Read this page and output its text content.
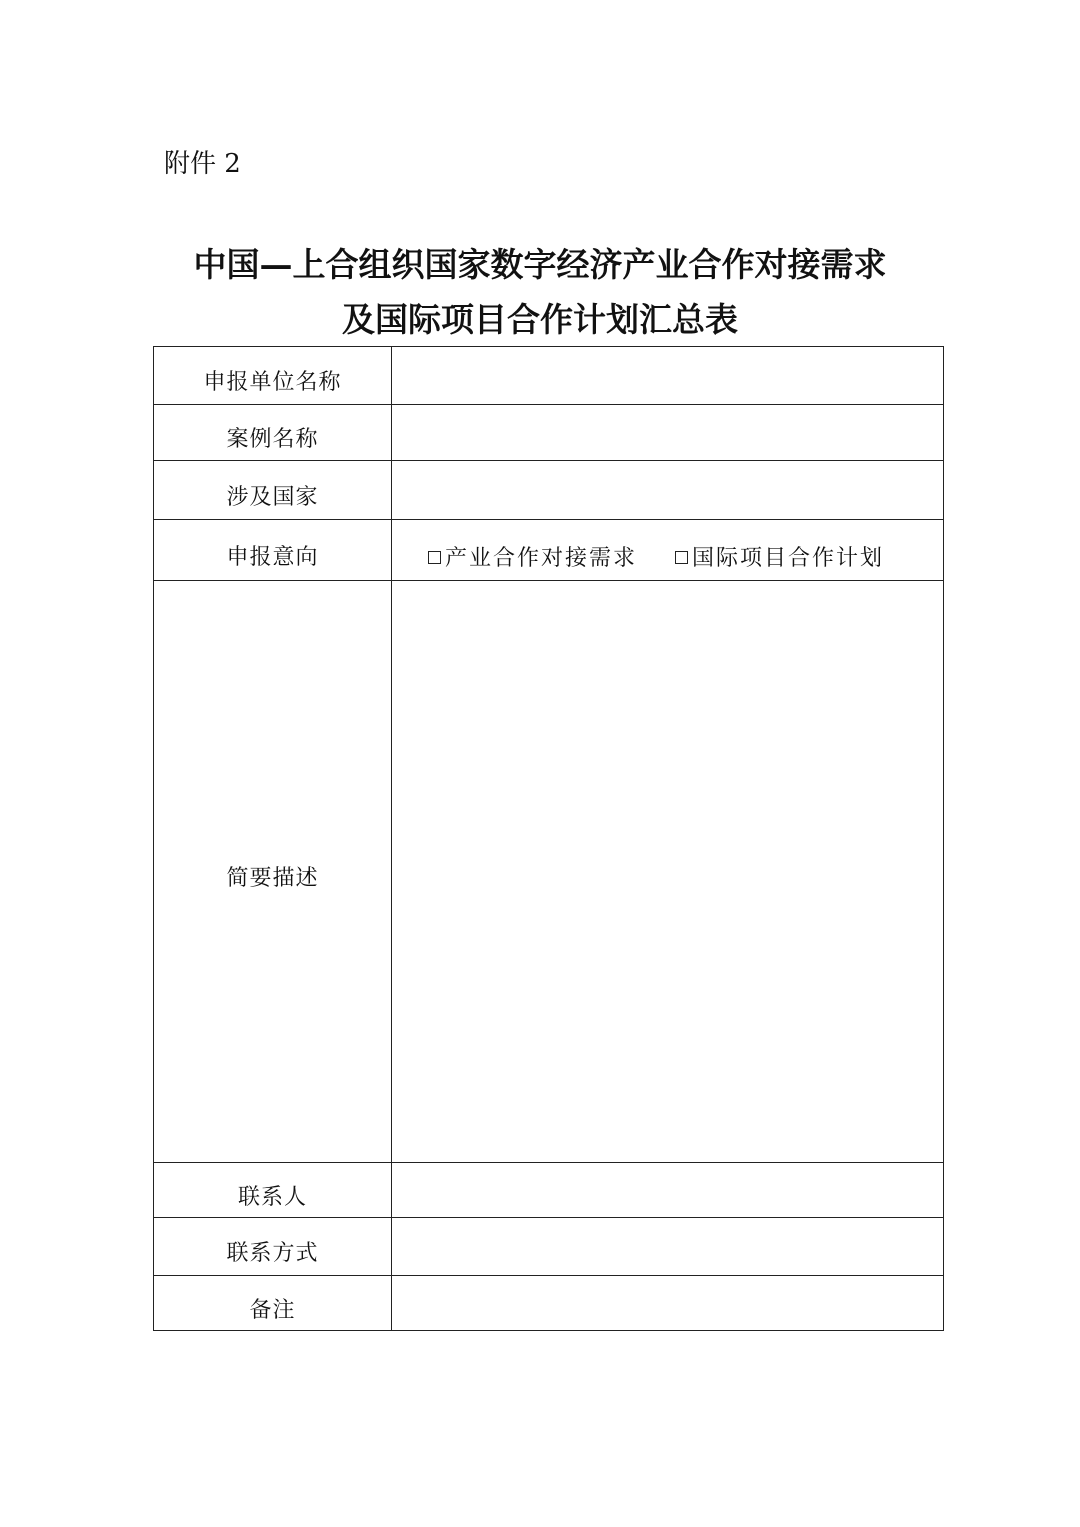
附件 2
中国—上合组织国家数字经济产业合作对接需求
及国际项目合作计划汇总表
申报单位名称	
案例名称	
涉及国家	
申报意向	产业合作对接需求 国际项目合作计划

简要描述	
联系人	
联系方式	
备注	
